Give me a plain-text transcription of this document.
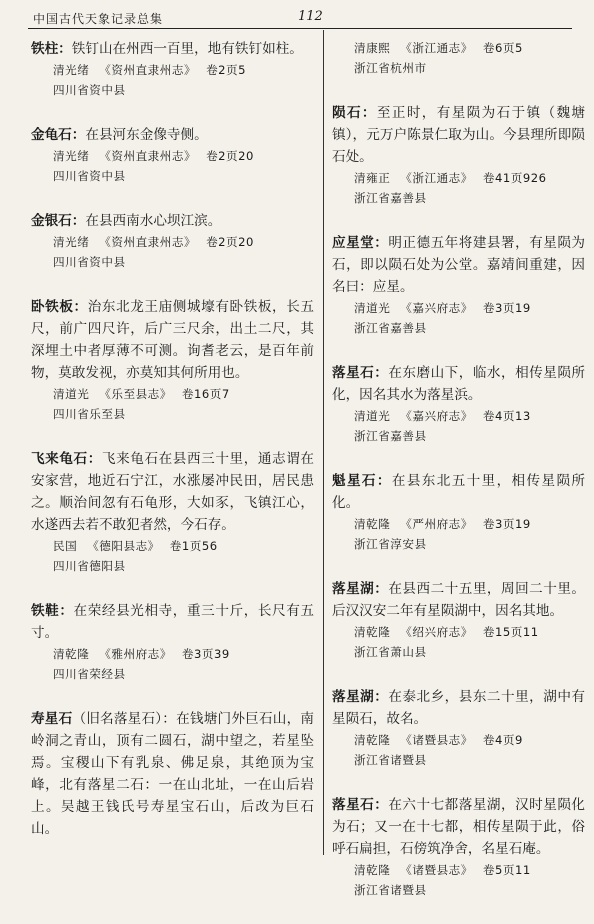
中国古代天象记录总集	112
铁柱：铁钉山在州西一百里，地有铁钉如柱。
清光绪 《资州直隶州志》 卷2页5
四川省资中县
金龟石：在县河东金像寺侧。
清光绪 《资州直隶州志》 卷2页20
四川省资中县
金银石：在县西南水心坝江滨。
清光绪 《资州直隶州志》 卷2页20
四川省资中县
卧铁板：治东北龙王庙侧城壕有卧铁板，长五尺，前广四尺许，后广三尺余，出土二尺，其深埋土中者厚薄不可测。询耆老云，是百年前物，莫敢发视，亦莫知其何所用也。
清道光 《乐至县志》 卷16页7
四川省乐至县
飞来龟石：飞来龟石在县西三十里，通志谓在安家营，地近石宁江，水涨屡冲民田，居民患之。顺治间忽有石龟形，大如豕，飞镇江心，水遂西去若不敢犯者然，今石存。
民国 《德阳县志》 卷1页56
四川省德阳县
铁鞋：在荣经县光相寺，重三十斤，长尺有五寸。
清乾隆 《雅州府志》 卷3页39
四川省荣经县
寿星石（旧名落星石）：在钱塘门外巨石山，南岭洞之青山，顶有二圆石，湖中望之，若星坠焉。宝稷山下有乳泉、佛足泉，其绝顶为宝峰，北有落星二石：一在山北址，一在山后岩上。吴越王钱氏号寿星宝石山，后改为巨石山。
清康熙 《浙江通志》 卷6页5
浙江省杭州市
陨石：至正时，有星陨为石于镇（魏塘镇），元万户陈景仁取为山。今县理所即陨石处。
清雍正 《浙江通志》 卷41页926
浙江省嘉善县
应星堂：明正德五年将建县署，有星陨为石，即以陨石处为公堂。嘉靖间重建，因名曰：应星。
清道光 《嘉兴府志》 卷3页19
浙江省嘉善县
落星石：在东磨山下，临水，相传星陨所化，因名其水为落星浜。
清道光 《嘉兴府志》 卷4页13
浙江省嘉善县
魁星石：在县东北五十里，相传星陨所化。
清乾隆 《严州府志》 卷3页19
浙江省淳安县
落星湖：在县西二十五里，周回二十里。后汉汉安二年有星陨湖中，因名其地。
清乾隆 《绍兴府志》 卷15页11
浙江省萧山县
落星湖：在泰北乡，县东二十里，湖中有星陨石，故名。
清乾隆 《诸暨县志》 卷4页9
浙江省诸暨县
落星石：在六十七都落星湖，汉时星陨化为石；又一在十七都，相传星陨于此，俗呼石扁担，石傍筑净舍，名星石庵。
清乾隆 《诸暨县志》 卷5页11
浙江省诸暨县
